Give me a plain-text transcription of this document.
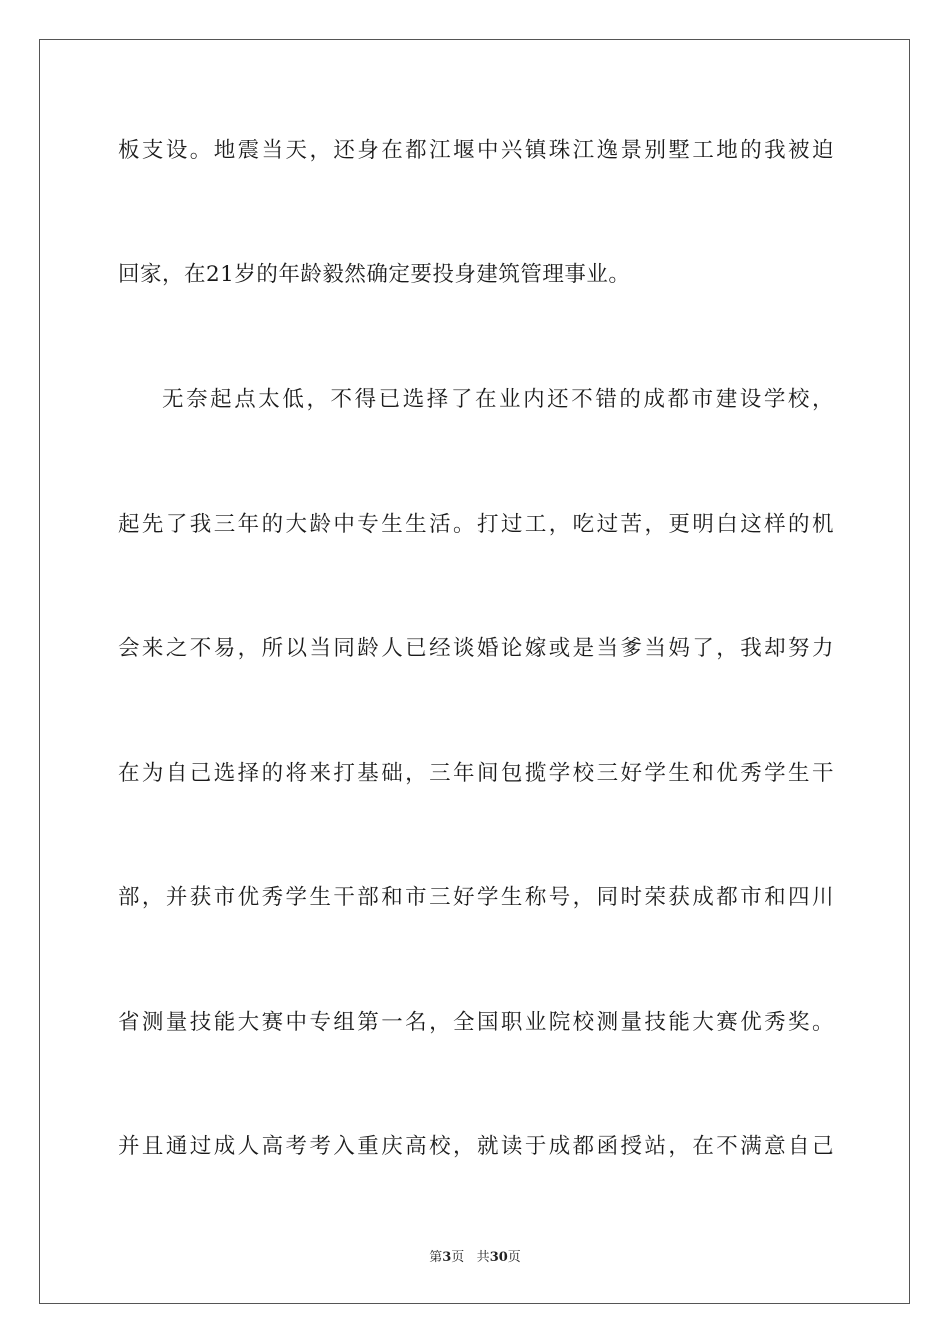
板支设。地震当天，还身在都江堰中兴镇珠江逸景别墅工地的我被迫
回家，在21岁的年龄毅然确定要投身建筑管理事业。
无奈起点太低，不得已选择了在业内还不错的成都市建设学校，
起先了我三年的大龄中专生生活。打过工，吃过苦，更明白这样的机
会来之不易，所以当同龄人已经谈婚论嫁或是当爹当妈了，我却努力
在为自己选择的将来打基础，三年间包揽学校三好学生和优秀学生干
部，并获市优秀学生干部和市三好学生称号，同时荣获成都市和四川
省测量技能大赛中专组第一名，全国职业院校测量技能大赛优秀奖。
并且通过成人高考考入重庆高校，就读于成都函授站，在不满意自己
第3页 共30页
